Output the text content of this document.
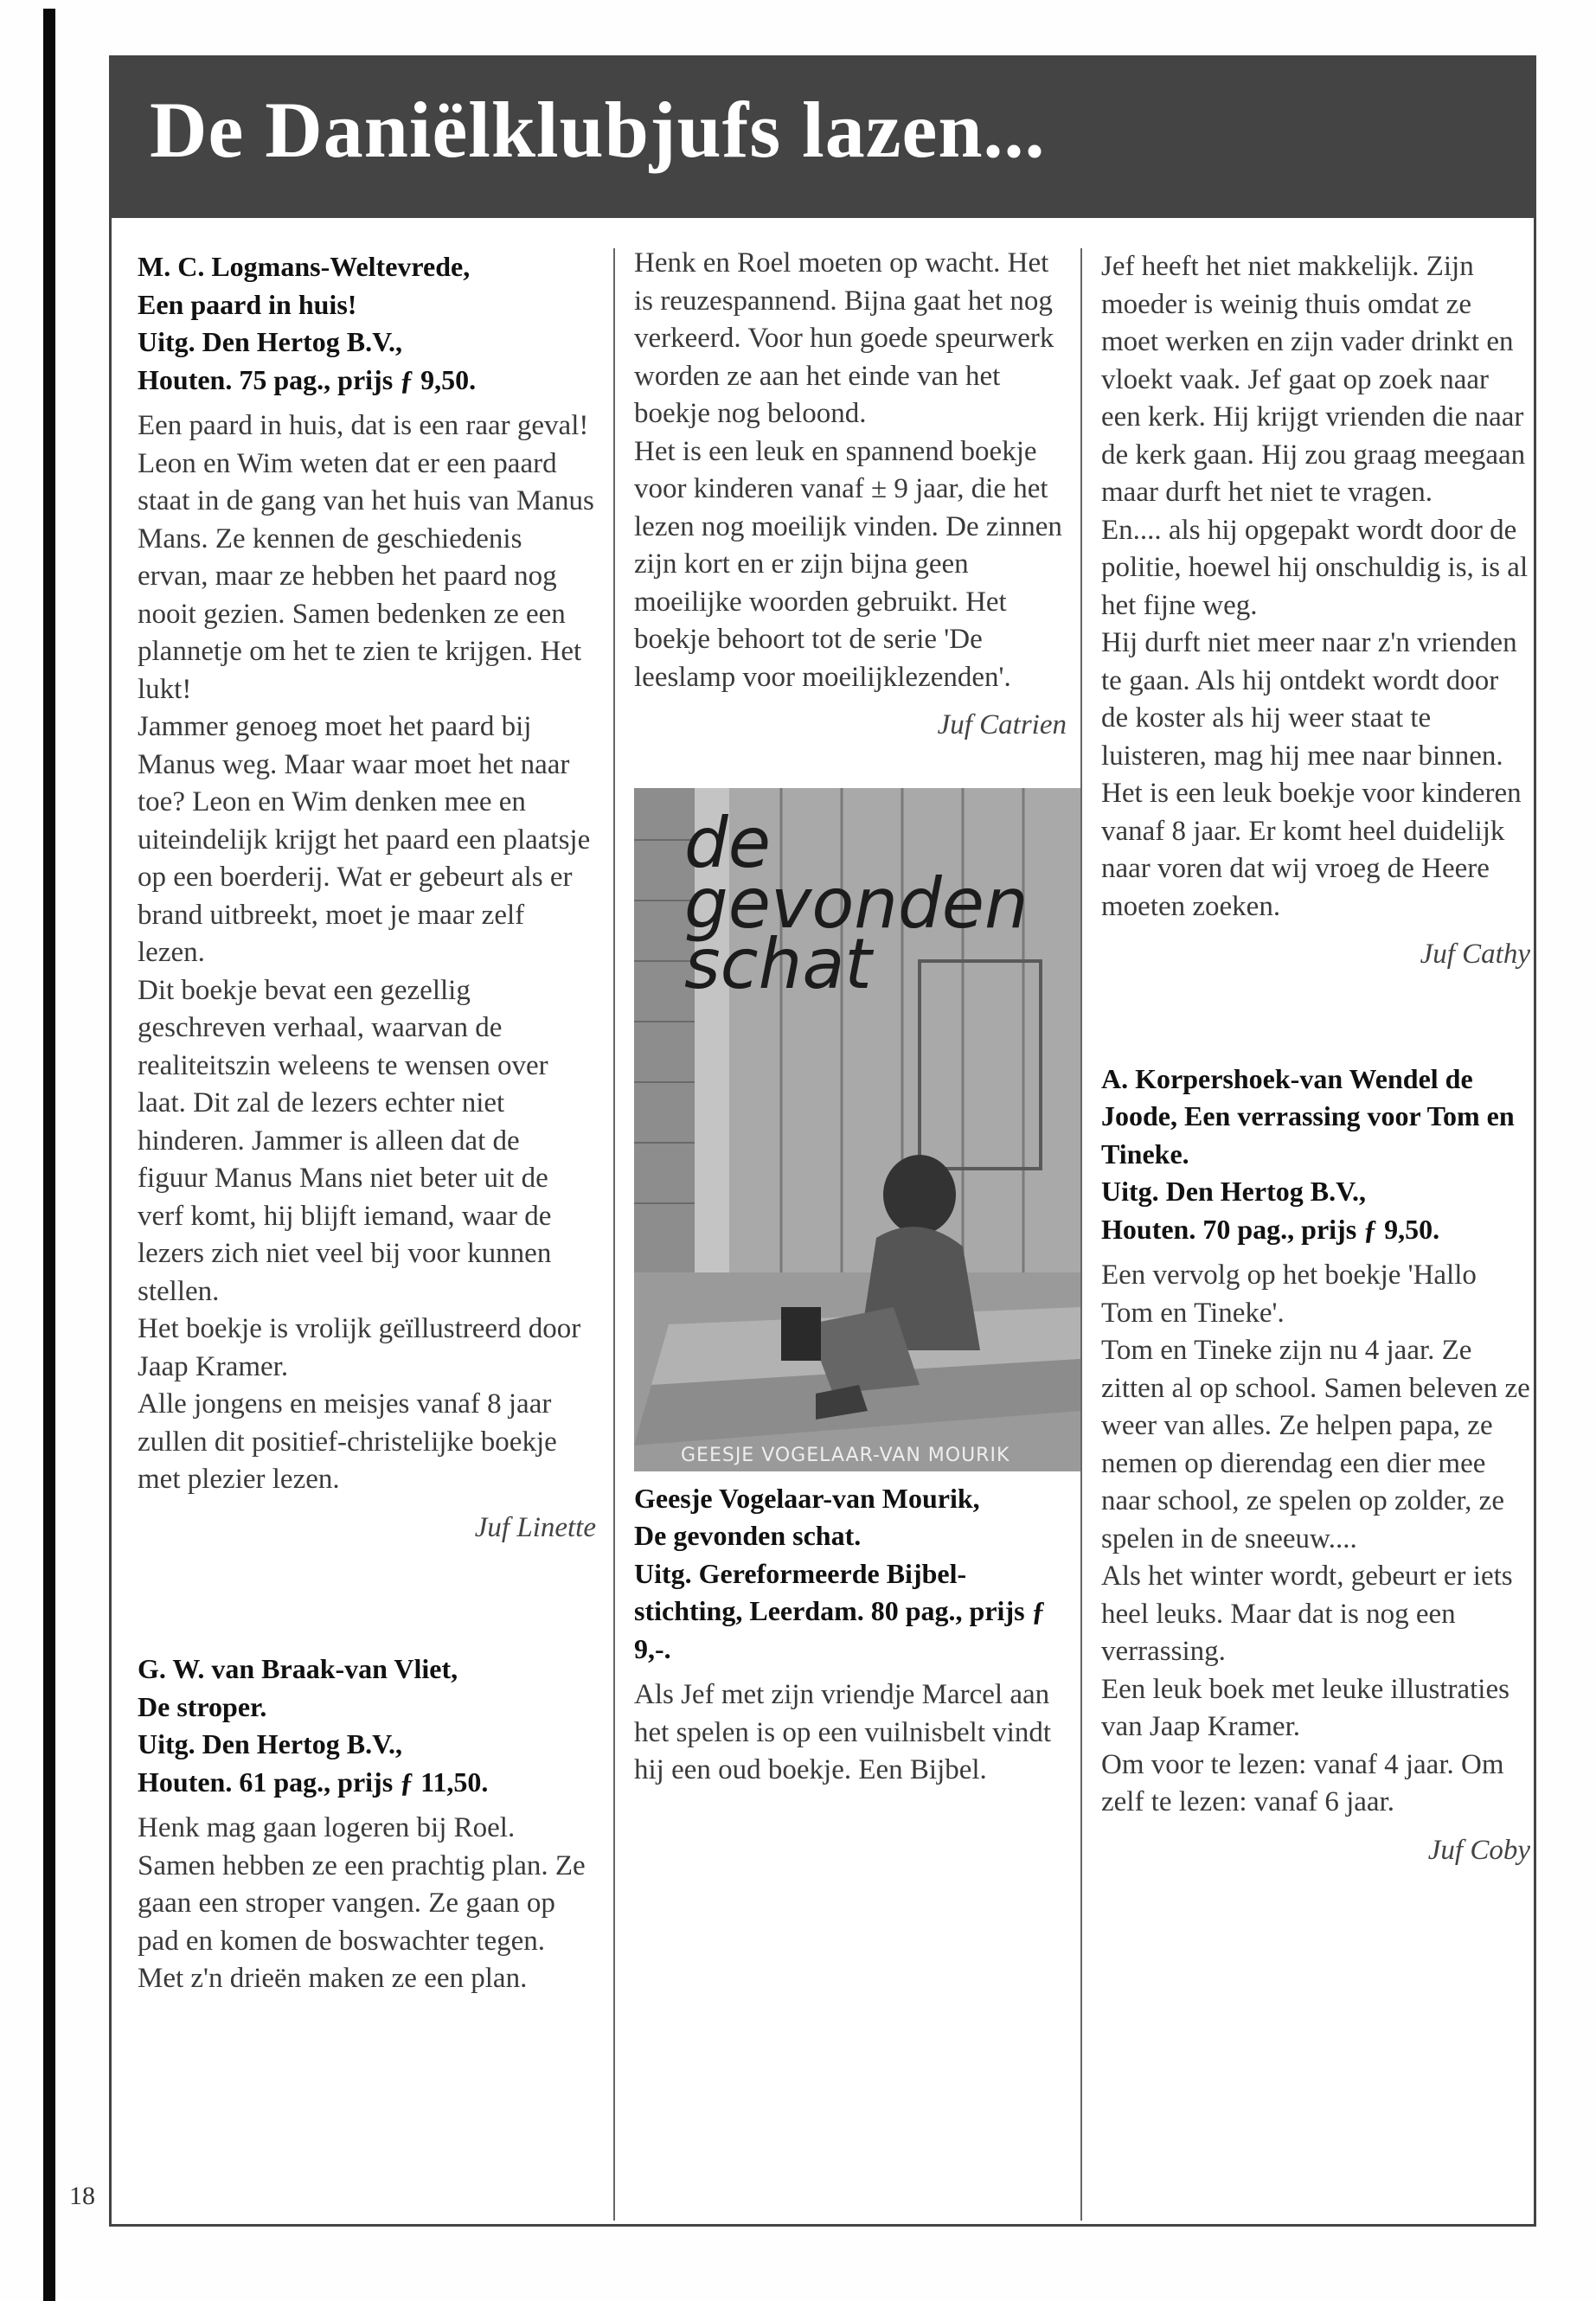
18
De Daniëlklubjufs lazen...
M. C. Logmans-Weltevrede,
Een paard in huis!
Uitg. Den Hertog B.V.,
Houten. 75 pag., prijs ƒ 9,50.

Een paard in huis, dat is een raar geval!

Leon en Wim weten dat er een paard staat in de gang van het huis van Manus Mans. Ze kennen de geschiedenis ervan, maar ze hebben het paard nog nooit gezien. Samen bedenken ze een plannetje om het te zien te krijgen. Het lukt!

Jammer genoeg moet het paard bij Manus weg. Maar waar moet het naar toe? Leon en Wim denken mee en uiteindelijk krijgt het paard een plaatsje op een boerderij. Wat er gebeurt als er brand uitbreekt, moet je maar zelf lezen.

Dit boekje bevat een gezellig geschreven verhaal, waarvan de realiteitszin weleens te wensen over laat. Dit zal de lezers echter niet hinderen. Jammer is alleen dat de figuur Manus Mans niet beter uit de verf komt, hij blijft iemand, waar de lezers zich niet veel bij voor kunnen stellen.

Het boekje is vrolijk geïllustreerd door Jaap Kramer.

Alle jongens en meisjes vanaf 8 jaar zullen dit positief-christelijke boekje met plezier lezen.

Juf Linette

G. W. van Braak-van Vliet,
De stroper.
Uitg. Den Hertog B.V.,
Houten. 61 pag., prijs ƒ 11,50.

Henk mag gaan logeren bij Roel. Samen hebben ze een prachtig plan. Ze gaan een stroper vangen. Ze gaan op pad en komen de boswachter tegen. Met z'n drieën maken ze een plan.

Henk en Roel moeten op wacht. Het is reuzespannend. Bijna gaat het nog verkeerd. Voor hun goede speurwerk worden ze aan het einde van het boekje nog beloond.

Het is een leuk en spannend boekje voor kinderen vanaf ± 9 jaar, die het lezen nog moeilijk vinden. De zinnen zijn kort en er zijn bijna geen moeilijke woorden gebruikt. Het boekje behoort tot de serie 'De leeslamp voor moeilijklezenden'.

Juf Catrien

de
gevonden
schat
GEESJE VOGELAAR-VAN MOURIK
Geesje Vogelaar-van Mourik,
De gevonden schat.
Uitg. Gereformeerde Bijbel-stichting, Leerdam. 80 pag., prijs ƒ 9,-.

Als Jef met zijn vriendje Marcel aan het spelen is op een vuilnisbelt vindt hij een oud boekje. Een Bijbel.

Jef heeft het niet makkelijk. Zijn moeder is weinig thuis omdat ze moet werken en zijn vader drinkt en vloekt vaak. Jef gaat op zoek naar een kerk. Hij krijgt vrienden die naar de kerk gaan. Hij zou graag meegaan maar durft het niet te vragen.

En.... als hij opgepakt wordt door de politie, hoewel hij onschuldig is, is al het fijne weg.

Hij durft niet meer naar z'n vrienden te gaan. Als hij ontdekt wordt door de koster als hij weer staat te luisteren, mag hij mee naar binnen.

Het is een leuk boekje voor kinderen vanaf 8 jaar. Er komt heel duidelijk naar voren dat wij vroeg de Heere moeten zoeken.

Juf Cathy

A. Korpershoek-van Wendel de Joode, Een verrassing voor Tom en Tineke.
Uitg. Den Hertog B.V.,
Houten. 70 pag., prijs ƒ 9,50.

Een vervolg op het boekje 'Hallo Tom en Tineke'.

Tom en Tineke zijn nu 4 jaar. Ze zitten al op school. Samen beleven ze weer van alles. Ze helpen papa, ze nemen op dierendag een dier mee naar school, ze spelen op zolder, ze spelen in de sneeuw....

Als het winter wordt, gebeurt er iets heel leuks. Maar dat is nog een verrassing.

Een leuk boek met leuke illustraties van Jaap Kramer.

Om voor te lezen: vanaf 4 jaar. Om zelf te lezen: vanaf 6 jaar.

Juf Coby
